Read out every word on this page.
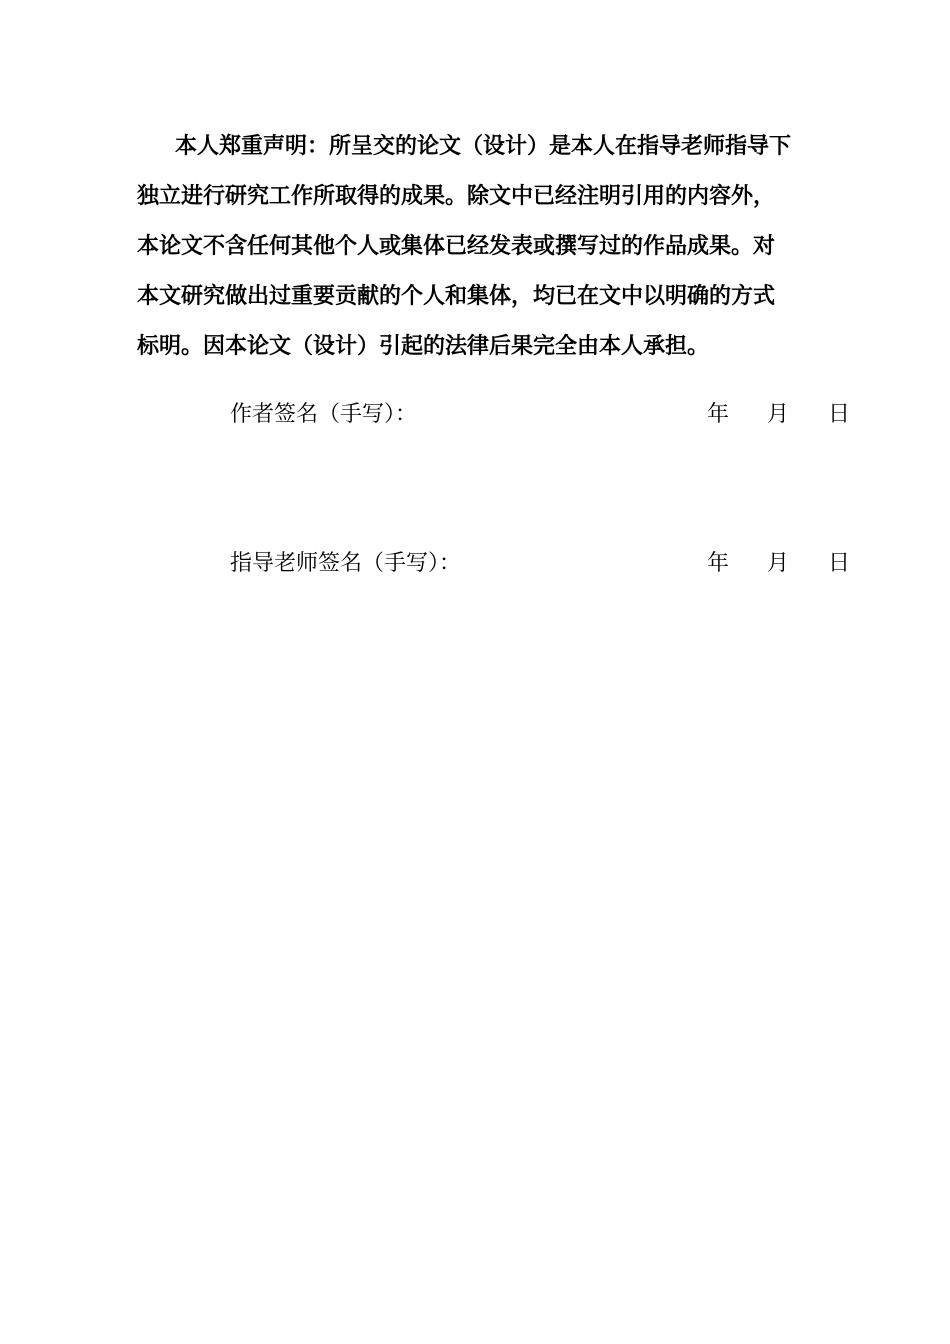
本人郑重声明：所呈交的论文（设计）是本人在指导老师指导下
独立进行研究工作所取得的成果。除文中已经注明引用的内容外，
本论文不含任何其他个人或集体已经发表或撰写过的作品成果。对
本文研究做出过重要贡献的个人和集体，均已在文中以明确的方式
标明。因本论文（设计）引起的法律后果完全由本人承担。
作者签名（手写）：	年 月 日
指导老师签名（手写）：	年 月 日
